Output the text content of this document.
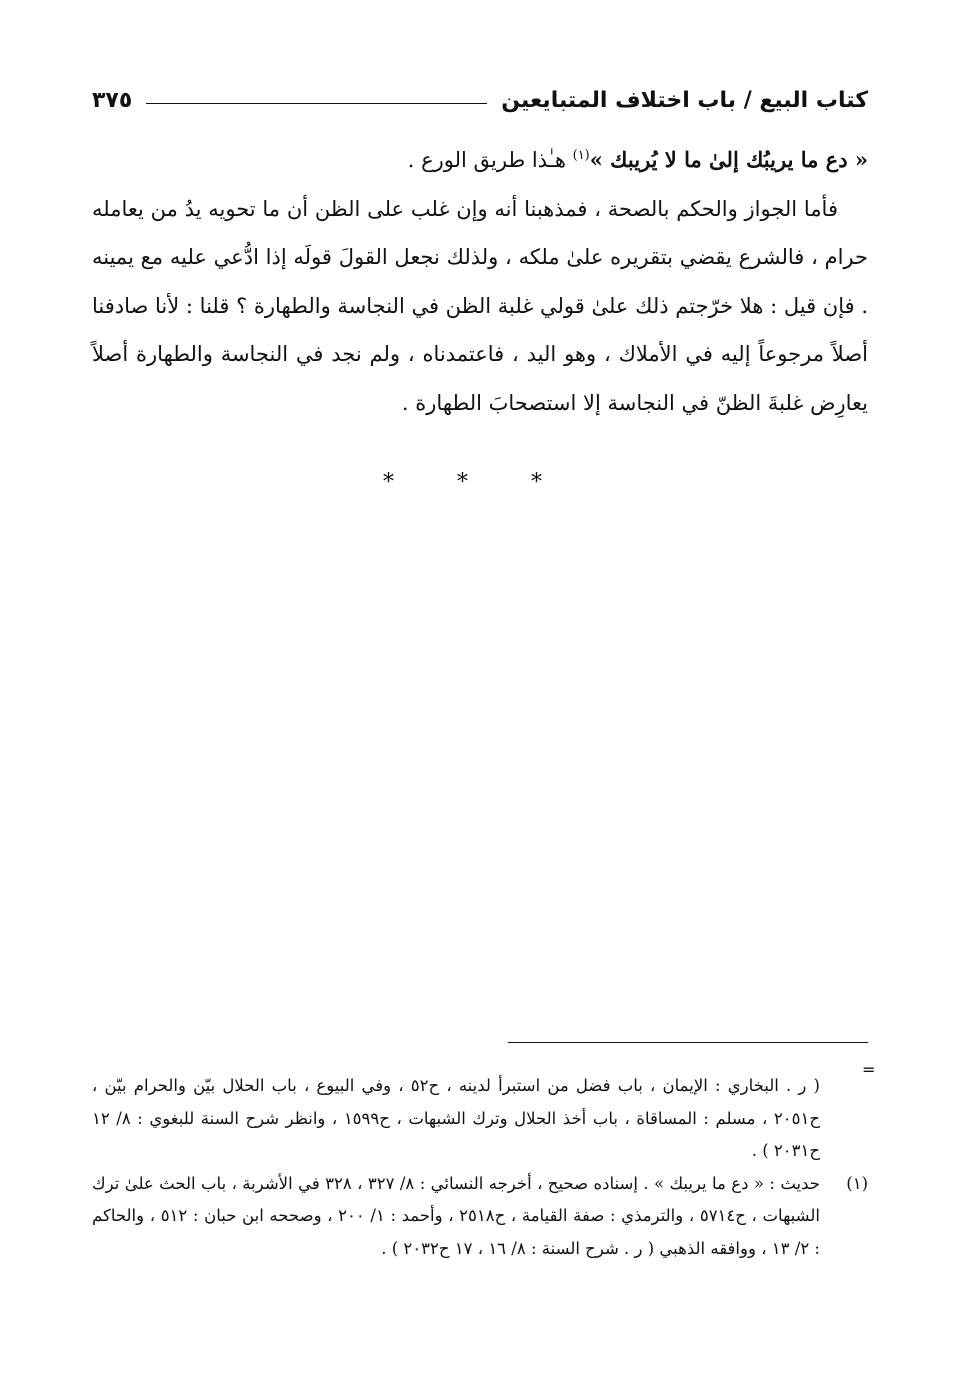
كتاب البيع / باب اختلاف المتبايعين
٣٧٥

« دع ما يريبُك إلىٰ ما لا يُريبك »$^{(١)}$ هـٰذا طريق الورع .

فأما الجواز والحكم بالصحة ، فمذهبنا أنه وإن غلب على الظن أن ما تحويه يدُ من يعامله حرام ، فالشرع يقضي بتقريره علىٰ ملكه ، ولذلك نجعل القولَ قولَه إذا ادُّعي عليه مع يمينه . فإن قيل : هلا خرّجتم ذلك علىٰ قولي غلبة الظن في النجاسة والطهارة ؟ قلنا : لأنا صادفنا أصلاً مرجوعاً إليه في الأملاك ، وهو اليد ، فاعتمدناه ، ولم نجد في النجاسة والطهارة أصلاً يعارِض غلبةَ الظنّ في النجاسة إلا استصحابَ الطهارة .

* * *
=

( ر . البخاري : الإيمان ، باب فضل من استبرأ لدينه ، ح٥٢ ، وفي البيوع ، باب الحلال بيّن والحرام بيّن ، ح٢٠٥١ ، مسلم : المساقاة ، باب أخذ الحلال وترك الشبهات ، ح١٥٩٩ ، وانظر شرح السنة للبغوي : ٨/ ١٢ ح٢٠٣١ ) .

(١)
حديث : « دع ما يريبك » . إسناده صحيح ، أخرجه النسائي : ٨/ ٣٢٧ ، ٣٢٨ في الأشربة ، باب الحث علىٰ ترك الشبهات ، ح٥٧١٤ ، والترمذي : صفة القيامة ، ح٢٥١٨ ، وأحمد : ١/ ٢٠٠ ، وصححه ابن حبان : ٥١٢ ، والحاكم : ٢/ ١٣ ، ووافقه الذهبي ( ر . شرح السنة : ٨/ ١٦ ، ١٧ ح٢٠٣٢ ) .
